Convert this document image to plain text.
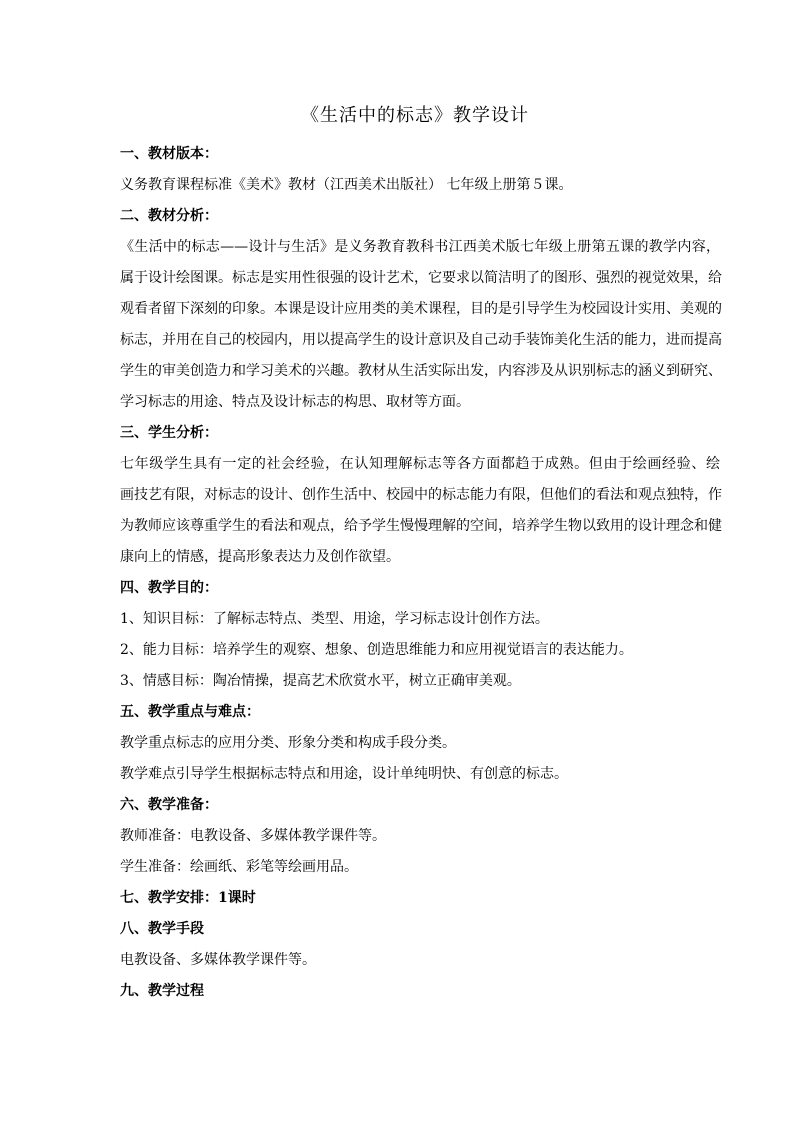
《生活中的标志》教学设计
一、教材版本：
义务教育课程标准《美术》教材（江西美术出版社） 七年级上册第５课。
二、教材分析：
《生活中的标志——设计与生活》是义务教育教科书江西美术版七年级上册第五课的教学内容，
属于设计绘图课。标志是实用性很强的设计艺术，它要求以简洁明了的图形、强烈的视觉效果，给
观看者留下深刻的印象。本课是设计应用类的美术课程，目的是引导学生为校园设计实用、美观的
标志，并用在自己的校园内，用以提高学生的设计意识及自己动手装饰美化生活的能力，进而提高
学生的审美创造力和学习美术的兴趣。教材从生活实际出发，内容涉及从识别标志的涵义到研究、
学习标志的用途、特点及设计标志的构思、取材等方面。
三、学生分析：
七年级学生具有一定的社会经验，在认知理解标志等各方面都趋于成熟。但由于绘画经验、绘
画技艺有限，对标志的设计、创作生活中、校园中的标志能力有限，但他们的看法和观点独特，作
为教师应该尊重学生的看法和观点，给予学生慢慢理解的空间，培养学生物以致用的设计理念和健
康向上的情感，提高形象表达力及创作欲望。
四、教学目的：
1、知识目标：了解标志特点、类型、用途，学习标志设计创作方法。
2、能力目标：培养学生的观察、想象、创造思维能力和应用视觉语言的表达能力。
3、情感目标：陶冶情操，提高艺术欣赏水平，树立正确审美观。
五、教学重点与难点：
教学重点标志的应用分类、形象分类和构成手段分类。
教学难点引导学生根据标志特点和用途，设计单纯明快、有创意的标志。
六、教学准备：
教师准备：电教设备、多媒体教学课件等。
学生准备：绘画纸、彩笔等绘画用品。
七、教学安排：1课时
八、教学手段
电教设备、多媒体教学课件等。
九、教学过程
